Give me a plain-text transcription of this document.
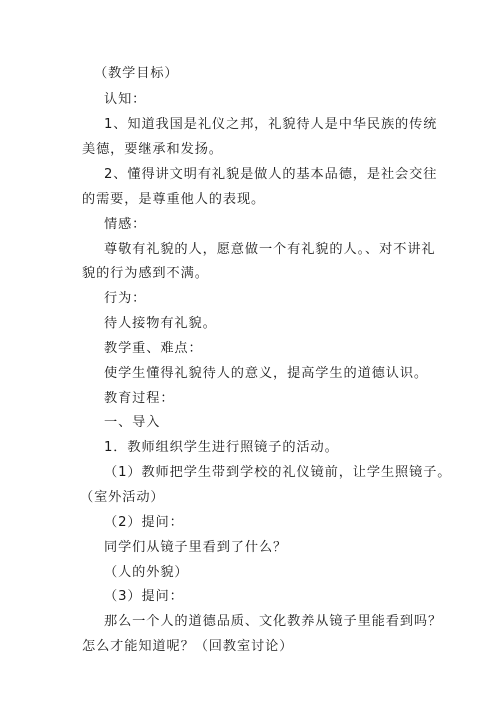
（教学目标）
认知：
1、知道我国是礼仪之邦，礼貌待人是中华民族的传统
美德，要继承和发扬。
2、懂得讲文明有礼貌是做人的基本品德，是社会交往
的需要，是尊重他人的表现。
情感：
尊敬有礼貌的人，愿意做一个有礼貌的人。、对不讲礼
貌的行为感到不满。
行为：
待人接物有礼貌。
教学重、难点：
使学生懂得礼貌待人的意义，提高学生的道德认识。
教育过程：
一、导入
1．教师组织学生进行照镜子的活动。
（1）教师把学生带到学校的礼仪镜前，让学生照镜子。
（室外活动）
（2）提问：
同学们从镜子里看到了什么？
（人的外貌）
（3）提问：
那么一个人的道德品质、文化教养从镜子里能看到吗？
怎么才能知道呢？（回教室讨论）
